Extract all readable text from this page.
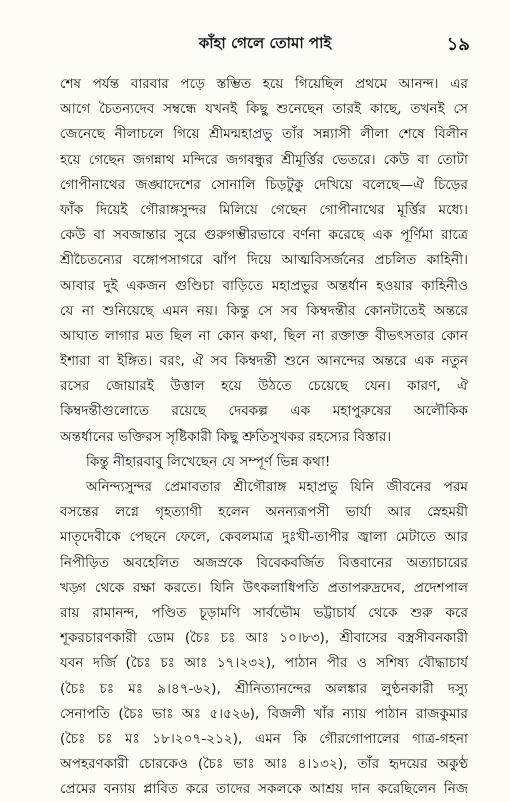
কাঁহা গেলে তোমা পাই	১৯
শেষ পর্যন্ত বারবার পড়ে স্তম্ভিত হয়ে গিয়েছিল প্রথমে আনন্দ। এর
আগে চৈতন্যদেব সম্বন্ধে যখনই কিছু শুনেছেন তারই কাছে, তখনই সে
জেনেছে নীলাচলে গিয়ে শ্রীমন্মহাপ্রভু তাঁর সন্ন্যাসী লীলা শেষে বিলীন
হয়ে গেছেন জগন্নাথ মন্দিরে জগবন্ধুর শ্রীমূর্ত্তির ভেতরে। কেউ বা তোটা
গোপীনাথের জঙ্ঘাদেশের সোনালি চিড়টুকু দেখিয়ে বলেছে—ঐ চিড়ের
ফাঁক দিয়েই গৌরাঙ্গসুন্দর মিলিয়ে গেছেন গোপীনাথের মূর্ত্তির মধ্যে।
কেউ বা সবজান্তার সুরে গুরুগম্ভীরভাবে বর্ণনা করেছে এক পূর্ণিমা রাত্রে
শ্রীচৈতন্যের বঙ্গোপসাগরে ঝাঁপ দিয়ে আত্মবিসর্জনের প্রচলিত কাহিনী।
আবার দুই একজন গুণ্ডিচা বাড়িতে মহাপ্রভুর অন্তর্ধান হওয়ার কাহিনীও
যে না শুনিয়েছে এমন নয়। কিন্তু সে সব কিম্বদন্তীর কোনটাতেই অন্তরে
আঘাত লাগার মত ছিল না কোন কথা, ছিল না রক্তাক্ত বীভৎসতার কোন
ইশারা বা ইঙ্গিত। বরং, ঐ সব কিম্বদন্তী শুনে আনন্দের অন্তরে এক নতুন
রসের জোয়ারই উত্তাল হয়ে উঠতে চেয়েছে যেন। কারণ, ঐ
কিম্বদন্তীগুলোতে রয়েছে দেবকল্প এক মহাপুরুষের অলৌকিক
অন্তর্ধানের ভক্তিরস সৃষ্টিকারী কিছু শ্রুতিসুখকর রহস্যের বিস্তার।
কিন্তু নীহারবাবু লিখেছেন যে সম্পূর্ণ ভিন্ন কথা!
অনিন্দ্যসুন্দর প্রেমাবতার শ্রীগৌরাঙ্গ মহাপ্রভু যিনি জীবনের পরম
বসন্তের লগ্নে গৃহত্যাগী হলেন অনন্যরূপসী ভার্যা আর স্নেহময়ী
মাতৃদেবীকে পেছনে ফেলে, কেবলমাত্র দুঃখী-তাপীর জ্বালা মেটাতে আর
নিপীড়িত অবহেলিত অজস্রকে বিবেকবর্জিত বিত্তবানের অত্যাচারের
খড়্গ থেকে রক্ষা করতে। যিনি উৎকলাধিপতি প্রতাপরুদ্রদেব, প্রদেশপাল
রায় রামানন্দ, পণ্ডিত চূড়ামণি সার্বভৌম ভট্টাচার্য থেকে শুরু করে
শূকরচারণকারী ডোম (চৈঃ চঃ আঃ ১০।৮৩), শ্রীবাসের বস্ত্রসীবনকারী
যবন দর্জি (চৈঃ চঃ আঃ ১৭।২৩২), পাঠান পীর ও সশিষ্য বৌদ্ধাচার্য
(চৈঃ চঃ মঃ ৯।৪৭-৬২), শ্রীনিত্যানন্দের অলঙ্কার লুণ্ঠনকারী দস্যু
সেনাপতি (চৈঃ ভাঃ অঃ ৫।৫২৬), বিজলী খাঁর ন্যায় পাঠান রাজকুমার
(চৈঃ চঃ মঃ ১৮।২০৭-২১২), এমন কি গৌরগোপালের গাত্র-গহনা
অপহরণকারী চোরকেও (চৈঃ ভাঃ আঃ ৪।১৩২), তাঁর হৃদয়ের অকুণ্ঠ
প্রেমের বন্যায় প্লাবিত করে তাদের সকলকে আশ্রয় দান করেছিলেন নিজ
